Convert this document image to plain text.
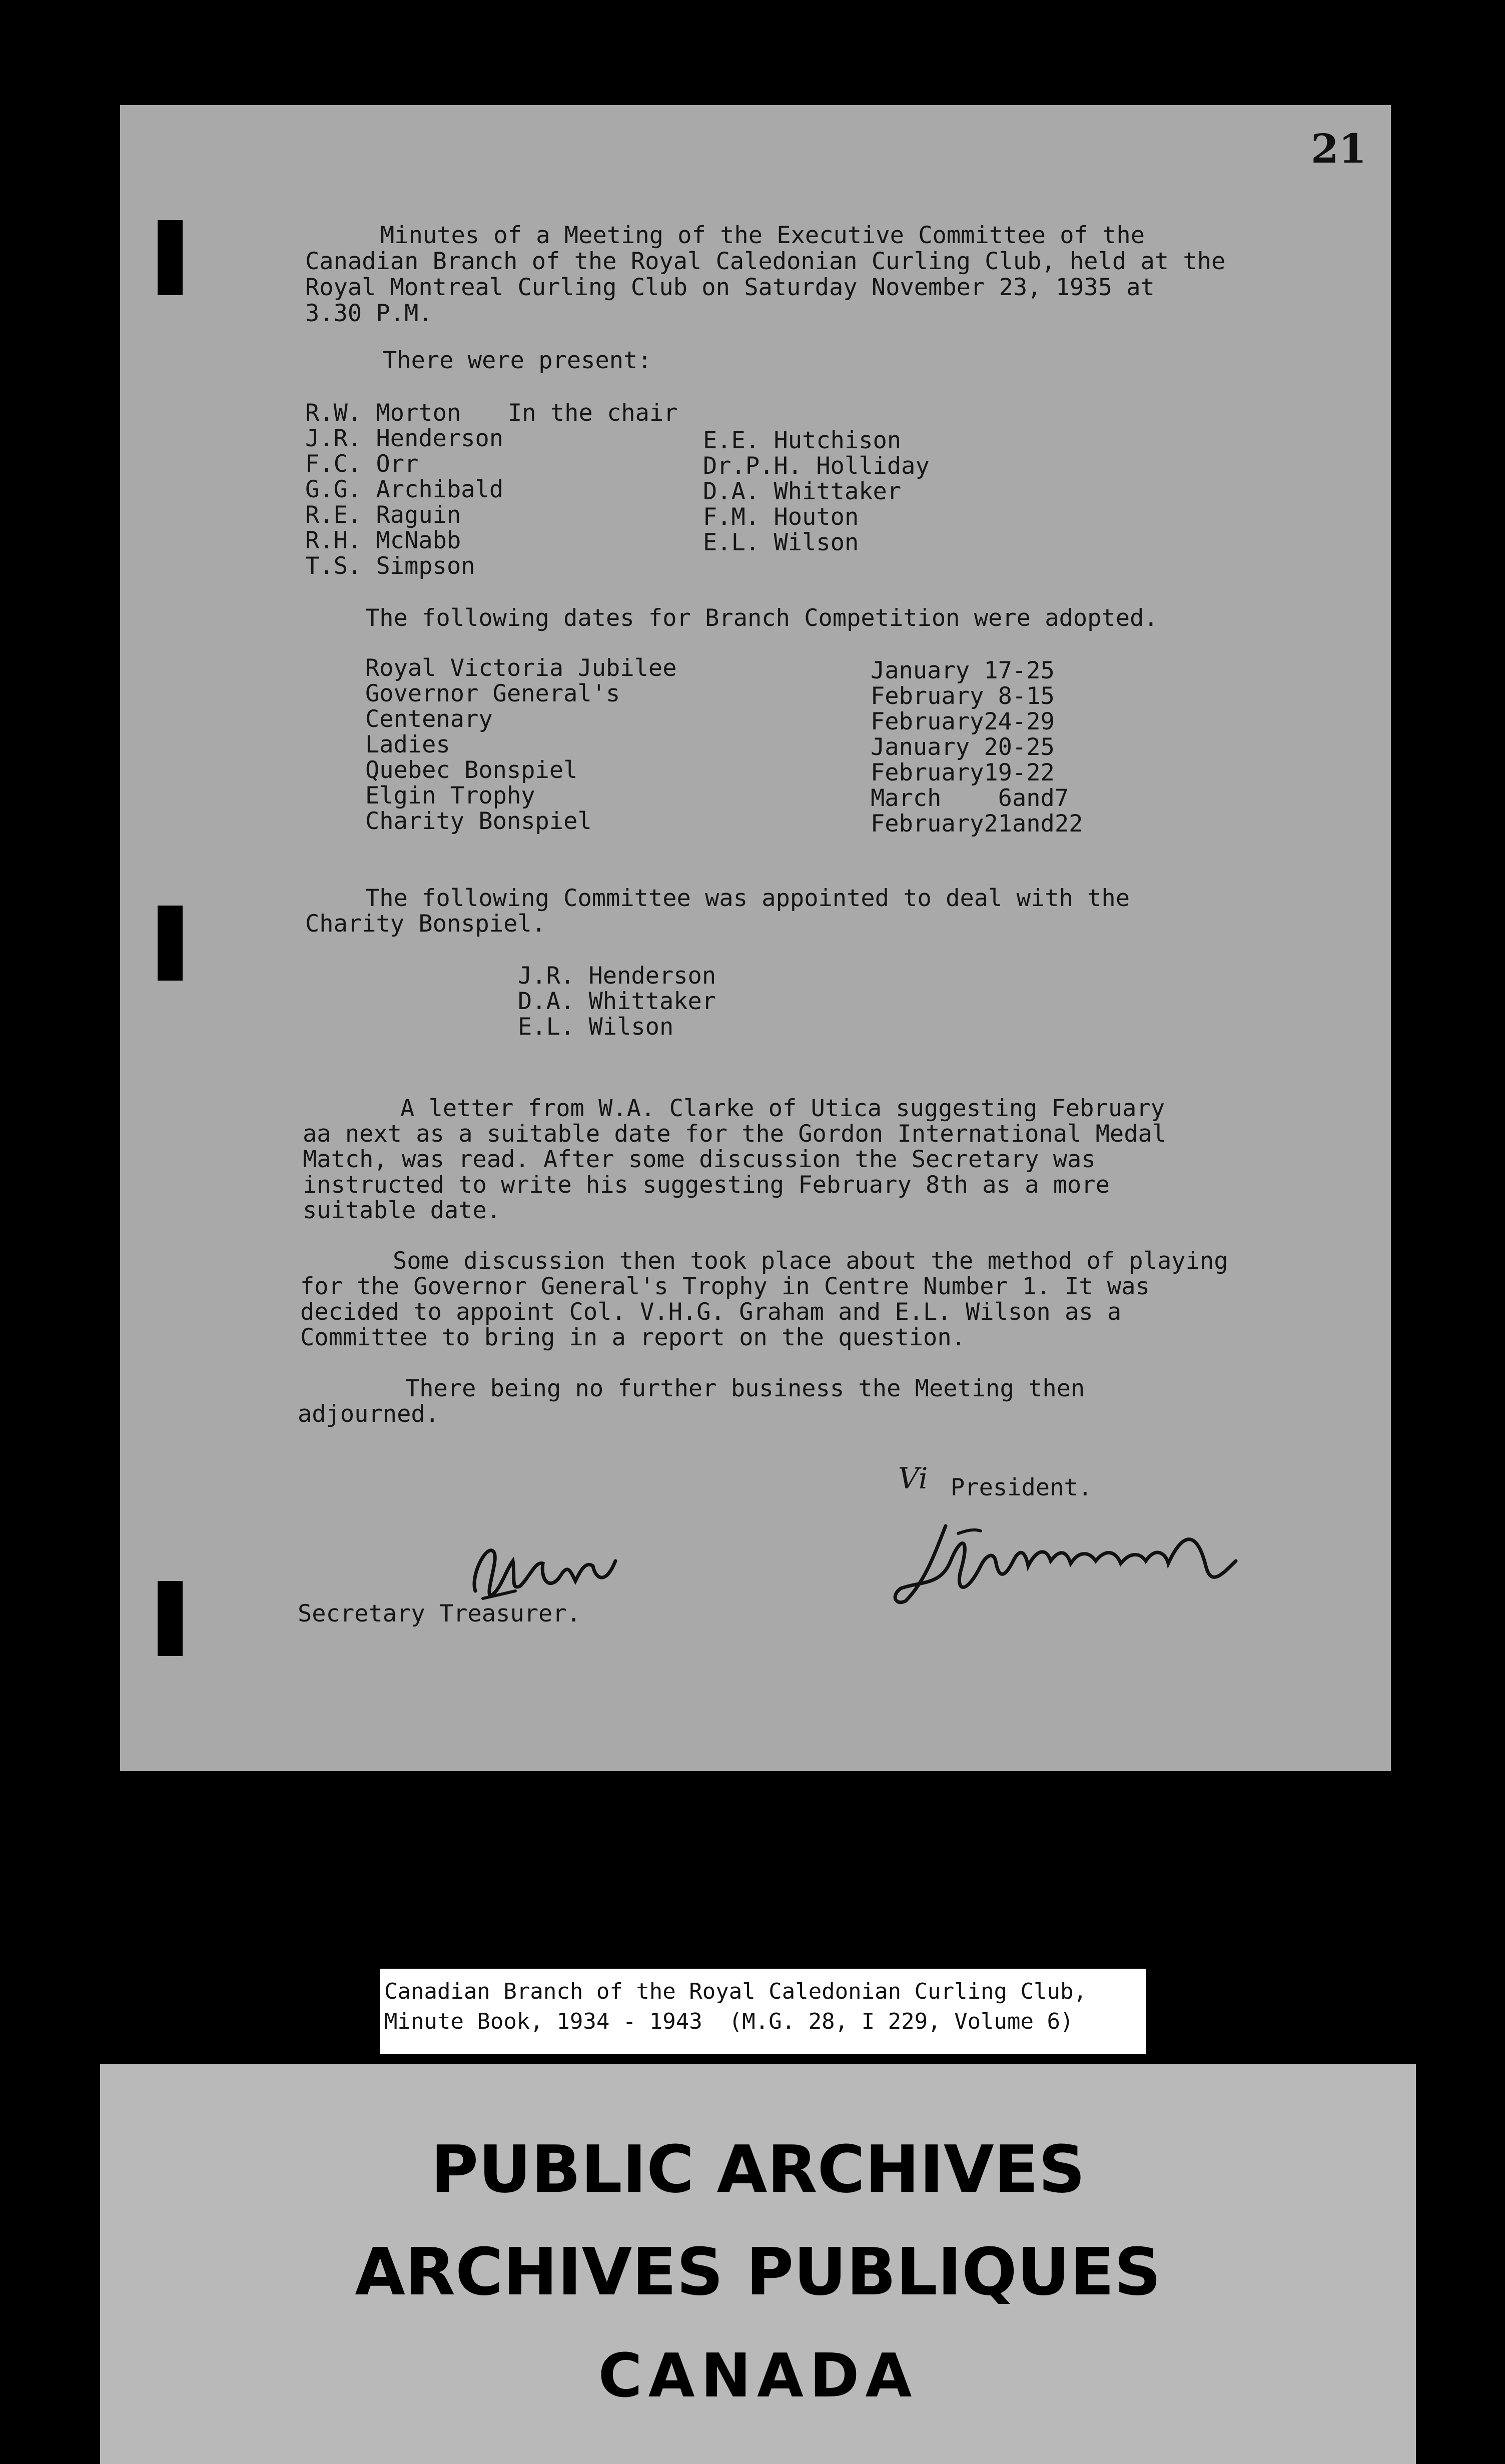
21
Minutes of a Meeting of the Executive Committee of the
Canadian Branch of the Royal Caledonian Curling Club, held at the
Royal Montreal Curling Club on Saturday November 23, 1935 at
3.30 P.M.
There were present:
R.W. Morton In the chair
J.R. Henderson
F.C. Orr
G.G. Archibald
R.E. Raguin
R.H. McNabb
T.S. Simpson
E.E. Hutchison
Dr.P.H. Holliday
D.A. Whittaker
F.M. Houton
E.L. Wilson
The following dates for Branch Competition were adopted.
Royal Victoria Jubilee
Governor General's
Centenary
Ladies
Quebec Bonspiel
Elgin Trophy
Charity Bonspiel
January 17-25
February 8-15
February24-29
January 20-25
February19-22
March    6and7
February21and22
The following Committee was appointed to deal with the
Charity Bonspiel.
J.R. Henderson
D.A. Whittaker
E.L. Wilson
A letter from W.A. Clarke of Utica suggesting February
aa next as a suitable date for the Gordon International Medal
Match, was read. After some discussion the Secretary was
instructed to write his suggesting February 8th as a more
suitable date.
Some discussion then took place about the method of playing
for the Governor General's Trophy in Centre Number 1. It was
decided to appoint Col. V.H.G. Graham and E.L. Wilson as a
Committee to bring in a report on the question.
There being no further business the Meeting then
adjourned.
Vi President.
Secretary Treasurer.
Canadian Branch of the Royal Caledonian Curling Club,
Minute Book, 1934 - 1943  (M.G. 28, I 229, Volume 6)
PUBLIC ARCHIVES
ARCHIVES PUBLIQUES
CANADA
